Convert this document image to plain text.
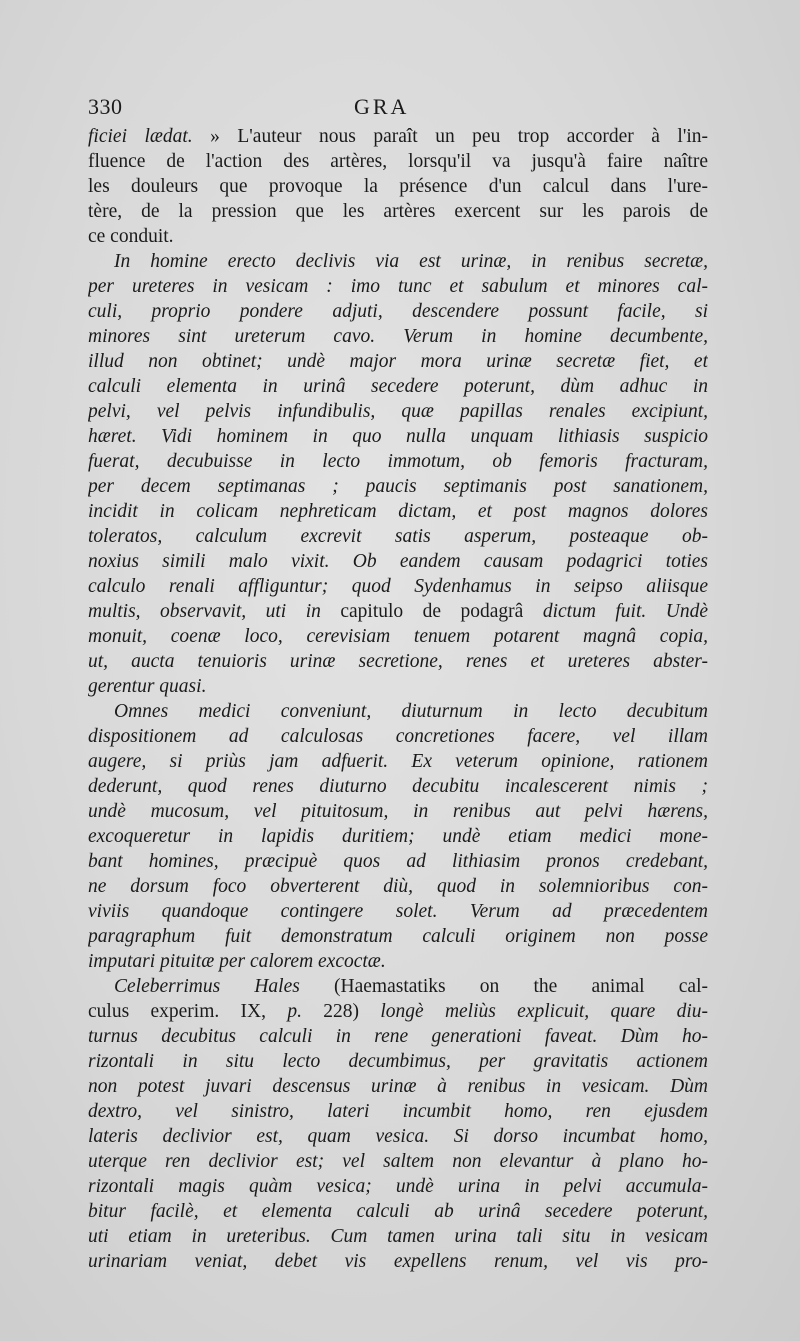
330	GRA
ficiei lædat. » L'auteur nous paraît un peu trop accorder à l'in-
fluence de l'action des artères, lorsqu'il va jusqu'à faire naître
les douleurs que provoque la présence d'un calcul dans l'ure-
tère, de la pression que les artères exercent sur les parois de
ce conduit.
In homine erecto declivis via est urinæ, in renibus secretæ,
per ureteres in vesicam : imo tunc et sabulum et minores cal-
culi, proprio pondere adjuti, descendere possunt facile, si
minores sint ureterum cavo. Verum in homine decumbente,
illud non obtinet; undè major mora urinæ secretæ fiet, et
calculi elementa in urinâ secedere poterunt, dùm adhuc in
pelvi, vel pelvis infundibulis, quæ papillas renales excipiunt,
hæret. Vidi hominem in quo nulla unquam lithiasis suspicio
fuerat, decubuisse in lecto immotum, ob femoris fracturam,
per decem septimanas ; paucis septimanis post sanationem,
incidit in colicam nephreticam dictam, et post magnos dolores
toleratos, calculum excrevit satis asperum, posteaque ob-
noxius simili malo vixit. Ob eandem causam podagrici toties
calculo renali affliguntur; quod Sydenhamus in seipso aliisque
multis, observavit, uti in capitulo de podagrâ dictum fuit. Undè
monuit, coenæ loco, cerevisiam tenuem potarent magnâ copia,
ut, aucta tenuioris urinæ secretione, renes et ureteres abster-
gerentur quasi.
Omnes medici conveniunt, diuturnum in lecto decubitum
dispositionem ad calculosas concretiones facere, vel illam
augere, si priùs jam adfuerit. Ex veterum opinione, rationem
dederunt, quod renes diuturno decubitu incalescerent nimis ;
undè mucosum, vel pituitosum, in renibus aut pelvi hærens,
excoqueretur in lapidis duritiem; undè etiam medici mone-
bant homines, præcipuè quos ad lithiasim pronos credebant,
ne dorsum foco obverterent diù, quod in solemnioribus con-
viviis quandoque contingere solet. Verum ad præcedentem
paragraphum fuit demonstratum calculi originem non posse
imputari pituitæ per calorem excoctæ.
Celeberrimus Hales (Haemastatiks on the animal cal-
culus experim. IX, p. 228) longè meliùs explicuit, quare diu-
turnus decubitus calculi in rene generationi faveat. Dùm ho-
rizontali in situ lecto decumbimus, per gravitatis actionem
non potest juvari descensus urinæ à renibus in vesicam. Dùm
dextro, vel sinistro, lateri incumbit homo, ren ejusdem
lateris declivior est, quam vesica. Si dorso incumbat homo,
uterque ren declivior est; vel saltem non elevantur à plano ho-
rizontali magis quàm vesica; undè urina in pelvi accumula-
bitur facilè, et elementa calculi ab urinâ secedere poterunt,
uti etiam in ureteribus. Cum tamen urina tali situ in vesicam
urinariam veniat, debet vis expellens renum, vel vis pro-
